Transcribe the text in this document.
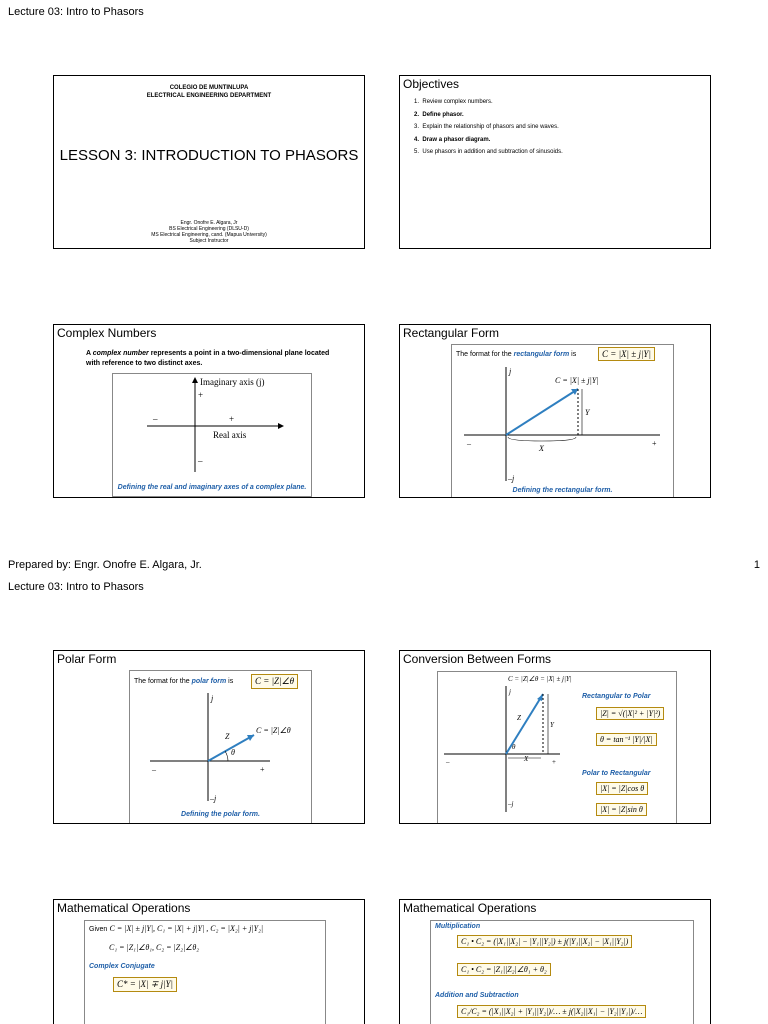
Lecture 03: Intro to Phasors
COLEGIO DE MUNTINLUPA
ELECTRICAL ENGINEERING DEPARTMENT
LESSON 3: INTRODUCTION TO PHASORS
Engr. Onofre E. Algara, Jr
BS Electrical Engineering (DLSU-D)
MS Electrical Engineering, cand. (Mapua University)
Subject Instructor
Objectives
1. Review complex numbers.
2. Define phasor.
3. Explain the relationship of phasors and sine waves.
4. Draw a phasor diagram.
5. Use phasors in addition and subtraction of sinusoids.
Complex Numbers
A complex number represents a point in a two-dimensional plane located with reference to two distinct axes.
Imaginary axis (j)
+
–	+
Real axis
–
Defining the real and imaginary axes of a complex plane.
Rectangular Form
The format for the rectangular form is	C = |X| ± j|Y|
j
C = |X| ± j|Y|
Y
X
–	+
–j
Defining the rectangular form.
Prepared by: Engr. Onofre E. Algara, Jr.	1
Lecture 03: Intro to Phasors
Polar Form
The format for the polar form is	C = |Z|∠θ
j
C = |Z|∠θ
Z
θ
–	+
–j
Defining the polar form.
Conversion Between Forms
C = |Z|∠θ = |X| ± j|Y|
j
Z
θ
Y
X
–	+
–j
Rectangular to Polar
|Z| = √(|X|² + |Y|²)
θ = tan⁻¹ |Y|/|X|
Polar to Rectangular
|X| = |Z|cos θ
|X| = |Z|sin θ
Mathematical Operations
Given C = |X| ± j|Y|, C₁ = |X| + j|Y| , C₂ = |X₂| + j|Y₂|
C₁ = |Z₁|∠θ₁, C₂ = |Z₂|∠θ₂
Complex Conjugate
C* = |X| ∓ j|Y|
Mathematical Operations
Multiplication
C₁ • C₂ = (|X₁||X₂| − |Y₁||Y₂|) ± j(|Y₁||X₂| − |X₁||Y₂|)
C₁ • C₂ = |Z₁||Z₂|∠θ₁ + θ₂
Addition and Subtraction
C₁/C₂ = (|X₁||X₂| + |Y₁||Y₂|)/… ± j(|X₂||X₁| − |Y₂||Y₁|)/…
